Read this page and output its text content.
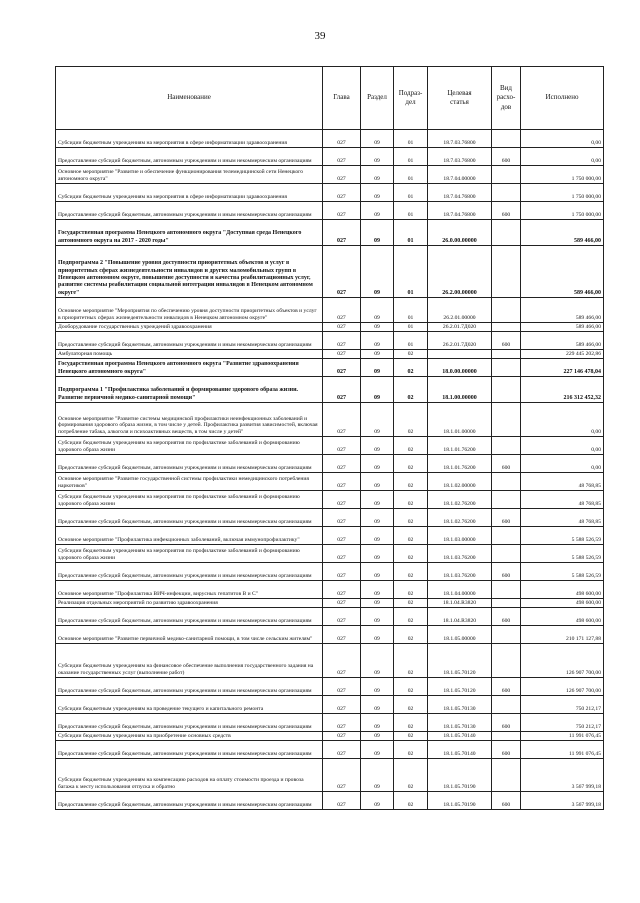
39
Наименование	Глава	Раздел	Подраз-
дел	Целевая
статья	Вид
расхо-
дов	Исполнено
Субсидии бюджетным учреждениям на мероприятия в сфере информатизации здравоохранения	027	09	01	18.7.03.76800		0,00
Предоставление субсидий бюджетным, автономным учреждениям и иным некоммерческим организациям	027	09	01	18.7.03.76800	600	0,00
Основное мероприятие "Развитие и обеспечение функционирования телемедицинской сети Ненецкого автономного округа"	027	09	01	18.7.04.00000		1 750 000,00
Субсидии бюджетным учреждениям на мероприятия в сфере информатизации здравоохранения	027	09	01	18.7.04.76800		1 750 000,00
Предоставление субсидий бюджетным, автономным учреждениям и иным некоммерческим организациям	027	09	01	18.7.04.76800	600	1 750 000,00
Государственная программа Ненецкого автономного округа "Доступная среда Ненецкого автономного округа на 2017 - 2020 годы"	027	09	01	26.0.00.00000		589 466,00
Подпрограмма 2 "Повышение уровня доступности приоритетных объектов и услуг в приоритетных сферах жизнедеятельности инвалидов и других маломобильных групп в Ненецком автономном округе, повышение доступности и качества реабилитационных услуг, развитие системы реабилитации социальной интеграции инвалидов в Ненецком автономном округе"	027	09	01	26.2.00.00000		589 466,00
Основное мероприятие "Мероприятия по обеспечению уровня доступности приоритетных объектов и услуг в приоритетных сферах жизнедеятельности инвалидов в Ненецком автономном округе"	027	09	01	26.2.01.00000		589 466,00
Дооборудование государственных учреждений здравоохранения	027	09	01	26.2.01.7Д020		589 466,00
Предоставление субсидий бюджетным, автономным учреждениям и иным некоммерческим организациям	027	09	01	26.2.01.7Д020	600	589 466,00
Амбулаторная помощь	027	09	02			229 445 202,86
Государственная программа Ненецкого автономного округа "Развитие здравоохранения Ненецкого автономного округа"	027	09	02	18.0.00.00000		227 146 478,04
Подпрограмма 1 "Профилактика заболеваний и формирование здорового образа жизни. Развитие первичной медико-санитарной помощи"	027	09	02	18.1.00.00000		216 312 452,32
Основное мероприятие "Развитие системы медицинской профилактики неинфекционных заболеваний и формирования здорового образа жизни, в том числе у детей. Профилактика развития зависимостей, включая потребление табака, алкоголя и психоактивных веществ, в том числе у детей"	027	09	02	18.1.01.00000		0,00
Субсидии бюджетным учреждениям на мероприятия по профилактике заболеваний и формированию здорового образа жизни	027	09	02	18.1.01.76200		0,00
Предоставление субсидий бюджетным, автономным учреждениям и иным некоммерческим организациям	027	09	02	18.1.01.76200	600	0,00
Основное мероприятие "Развитие государственной системы профилактики немедицинского потребления наркотиков"	027	09	02	18.1.02.00000		48 768,85
Субсидии бюджетным учреждениям на мероприятия по профилактике заболеваний и формированию здорового образа жизни	027	09	02	18.1.02.76200		48 768,85
Предоставление субсидий бюджетным, автономным учреждениям и иным некоммерческим организациям	027	09	02	18.1.02.76200	600	48 768,85
Основное мероприятие "Профилактика инфекционных заболеваний, включая иммунопрофилактику"	027	09	02	18.1.03.00000		5 588 526,59
Субсидии бюджетным учреждениям на мероприятия по профилактике заболеваний и формированию здорового образа жизни	027	09	02	18.1.03.76200		5 588 526,59
Предоставление субсидий бюджетным, автономным учреждениям и иным некоммерческим организациям	027	09	02	18.1.03.76200	600	5 588 526,59
Основное мероприятие "Профилактика ВИЧ-инфекции, вирусных гепатитов В и С"	027	09	02	18.1.04.00000		498 600,00
Реализация отдельных мероприятий по развитию здравоохранения	027	09	02	18.1.04.R3820		498 600,00
Предоставление субсидий бюджетным, автономным учреждениям и иным некоммерческим организациям	027	09	02	18.1.04.R3820	600	498 600,00
Основное мероприятие "Развитие первичной медико-санитарной помощи, в том числе сельским жителям"	027	09	02	18.1.05.00000		210 171 127,88
Субсидии бюджетным учреждениям на финансовое обеспечение выполнения государственного задания на оказание государственных услуг (выполнение работ)	027	09	02	18.1.05.70120		126 907 700,00
Предоставление субсидий бюджетным, автономным учреждениям и иным некоммерческим организациям	027	09	02	18.1.05.70120	600	126 907 700,00
Субсидии бюджетным учреждениям на проведение текущего и капитального ремонта	027	09	02	18.1.05.70130		750 212,17
Предоставление субсидий бюджетным, автономным учреждениям и иным некоммерческим организациям	027	09	02	18.1.05.70130	600	750 212,17
Субсидии бюджетным учреждениям на приобретение основных средств	027	09	02	18.1.05.70140		11 991 076,45
Предоставление субсидий бюджетным, автономным учреждениям и иным некоммерческим организациям	027	09	02	18.1.05.70140	600	11 991 076,45
Субсидии бюджетным учреждениям на компенсацию расходов на оплату стоимости проезда и провоза багажа к месту использования отпуска и обратно	027	09	02	18.1.05.70190		3 567 999,18
Предоставление субсидий бюджетным, автономным учреждениям и иным некоммерческим организациям	027	09	02	18.1.05.70190	600	3 567 999,18
